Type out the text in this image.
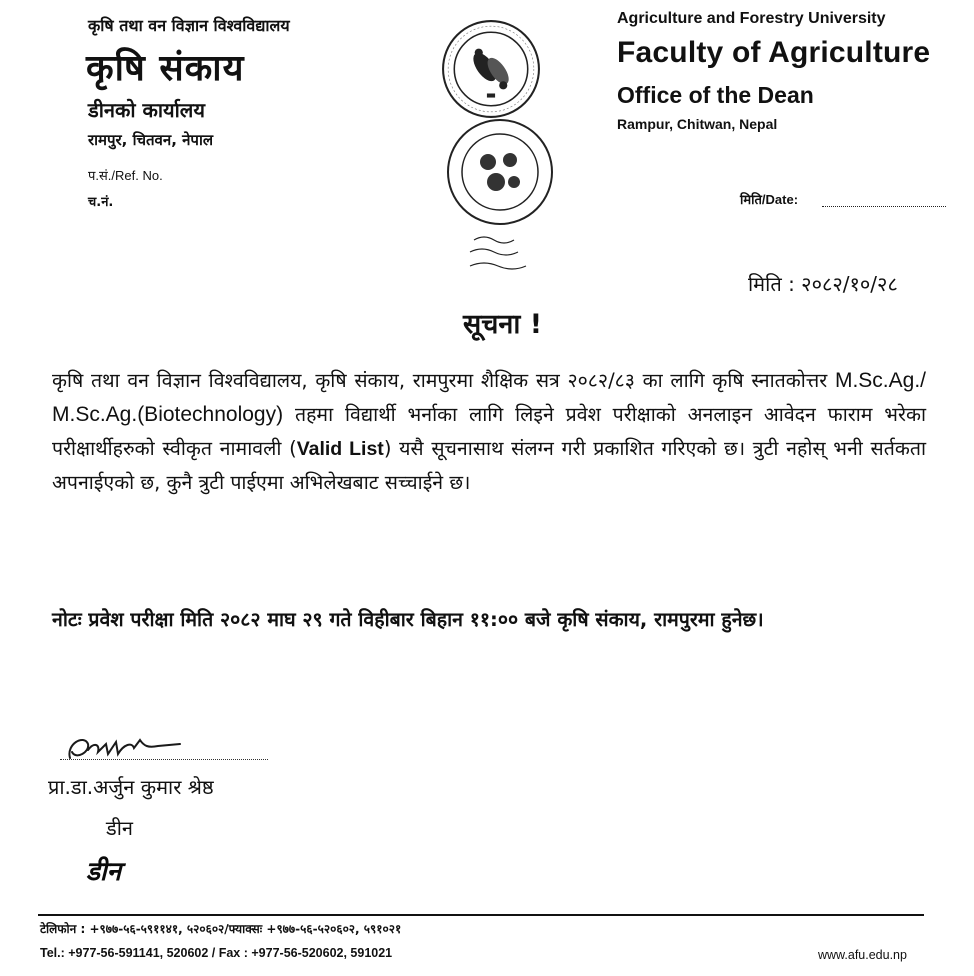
कृषि तथा वन विज्ञान विश्वविद्यालय
कृषि संकाय
डीनको कार्यालय
रामपुर, चितवन, नेपाल
प.सं./Ref. No.
च.नं.
Agriculture and Forestry University
Faculty of Agriculture
Office of the Dean
Rampur, Chitwan, Nepal
मिति/Date:
मिति : २०८२/१०/२८
सूचना !
कृषि तथा वन विज्ञान विश्वविद्यालय, कृषि संकाय, रामपुरमा शैक्षिक सत्र २०८२/८३ का लागि कृषि स्नातकोत्तर M.Sc.Ag./ M.Sc.Ag.(Biotechnology) तहमा विद्यार्थी भर्नाका लागि लिइने प्रवेश परीक्षाको अनलाइन आवेदन फाराम भरेका परीक्षार्थीहरुको स्वीकृत नामावली (Valid List) यसै सूचनासाथ संलग्न गरी प्रकाशित गरिएको छ। त्रुटी नहोस् भनी सर्तकता अपनाईएको छ, कुनै त्रुटी पाईएमा अभिलेखबाट सच्चाईने छ।
नोटः प्रवेश परीक्षा मिति २०८२ माघ २९ गते विहीबार बिहान ११:०० बजे कृषि संकाय, रामपुरमा हुनेछ।
प्रा.डा.अर्जुन कुमार श्रेष्ठ
डीन
डीन
टेलिफोन : +९७७-५६-५९११४१, ५२०६०२/फ्याक्सः +९७७-५६-५२०६०२, ५९१०२१
Tel.: +977-56-591141, 520602 / Fax : +977-56-520602, 591021	www.afu.edu.np
